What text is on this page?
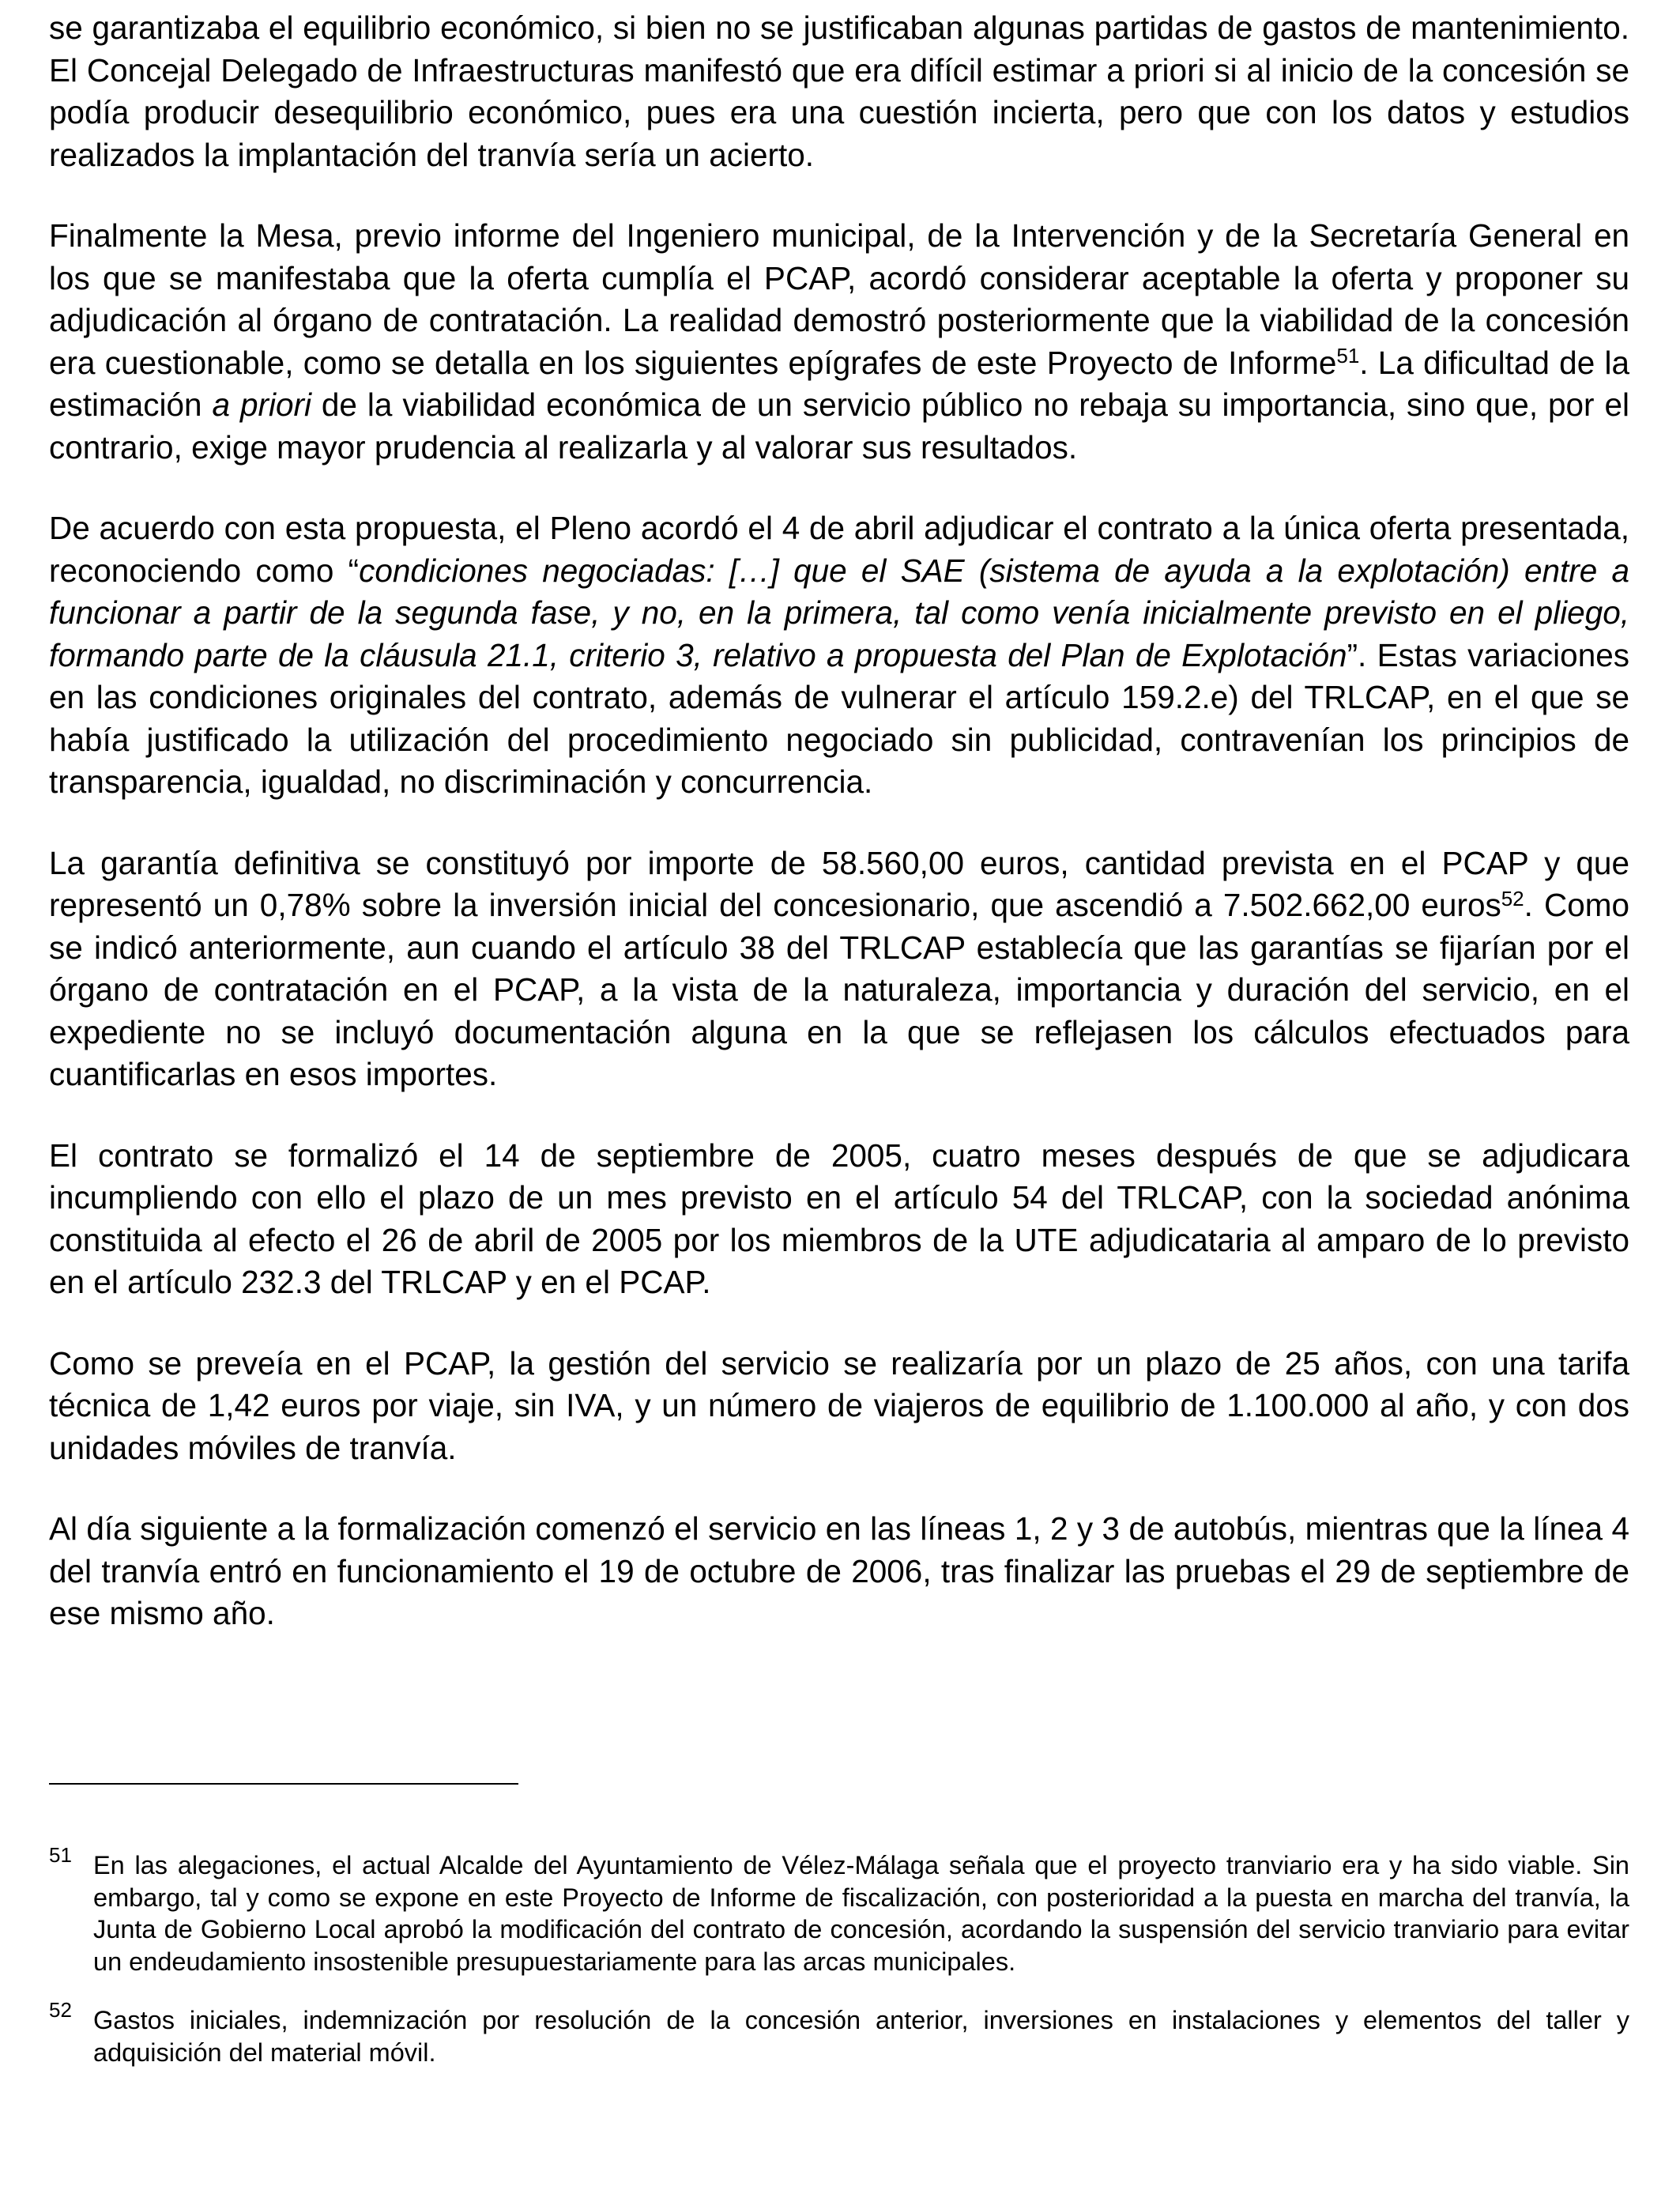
se garantizaba el equilibrio económico, si bien no se justificaban algunas partidas de gastos de mantenimiento. El Concejal Delegado de Infraestructuras manifestó que era difícil estimar a priori si al inicio de la concesión se podía producir desequilibrio económico, pues era una cuestión incierta, pero que con los datos y estudios realizados la implantación del tranvía sería un acierto.

Finalmente la Mesa, previo informe del Ingeniero municipal, de la Intervención y de la Secretaría General en los que se manifestaba que la oferta cumplía el PCAP, acordó considerar aceptable la oferta y proponer su adjudicación al órgano de contratación. La realidad demostró posteriormente que la viabilidad de la concesión era cuestionable, como se detalla en los siguientes epígrafes de este Proyecto de Informe$^{51}$. La dificultad de la estimación a priori de la viabilidad económica de un servicio público no rebaja su importancia, sino que, por el contrario, exige mayor prudencia al realizarla y al valorar sus resultados.

De acuerdo con esta propuesta, el Pleno acordó el 4 de abril adjudicar el contrato a la única oferta presentada, reconociendo como “condiciones negociadas: […] que el SAE (sistema de ayuda a la explotación) entre a funcionar a partir de la segunda fase, y no, en la primera, tal como venía inicialmente previsto en el pliego, formando parte de la cláusula 21.1, criterio 3, relativo a propuesta del Plan de Explotación”. Estas variaciones en las condiciones originales del contrato, además de vulnerar el artículo 159.2.e) del TRLCAP, en el que se había justificado la utilización del procedimiento negociado sin publicidad, contravenían los principios de transparencia, igualdad, no discriminación y concurrencia.

La garantía definitiva se constituyó por importe de 58.560,00 euros, cantidad prevista en el PCAP y que representó un 0,78% sobre la inversión inicial del concesionario, que ascendió a 7.502.662,00 euros$^{52}$. Como se indicó anteriormente, aun cuando el artículo 38 del TRLCAP establecía que las garantías se fijarían por el órgano de contratación en el PCAP, a la vista de la naturaleza, importancia y duración del servicio, en el expediente no se incluyó documentación alguna en la que se reflejasen los cálculos efectuados para cuantificarlas en esos importes.

El contrato se formalizó el 14 de septiembre de 2005, cuatro meses después de que se adjudicara incumpliendo con ello el plazo de un mes previsto en el artículo 54 del TRLCAP, con la sociedad anónima constituida al efecto el 26 de abril de 2005 por los miembros de la UTE adjudicataria al amparo de lo previsto en el artículo 232.3 del TRLCAP y en el PCAP.

Como se preveía en el PCAP, la gestión del servicio se realizaría por un plazo de 25 años, con una tarifa técnica de 1,42 euros por viaje, sin IVA, y un número de viajeros de equilibrio de 1.100.000 al año, y con dos unidades móviles de tranvía.

Al día siguiente a la formalización comenzó el servicio en las líneas 1, 2 y 3 de autobús, mientras que la línea 4 del tranvía entró en funcionamiento el 19 de octubre de 2006, tras finalizar las pruebas el 29 de septiembre de ese mismo año.

51 En las alegaciones, el actual Alcalde del Ayuntamiento de Vélez-Málaga señala que el proyecto tranviario era y ha sido viable. Sin embargo, tal y como se expone en este Proyecto de Informe de fiscalización, con posterioridad a la puesta en marcha del tranvía, la Junta de Gobierno Local aprobó la modificación del contrato de concesión, acordando la suspensión del servicio tranviario para evitar un endeudamiento insostenible presupuestariamente para las arcas municipales.
52 Gastos iniciales, indemnización por resolución de la concesión anterior, inversiones en instalaciones y elementos del taller y adquisición del material móvil.
